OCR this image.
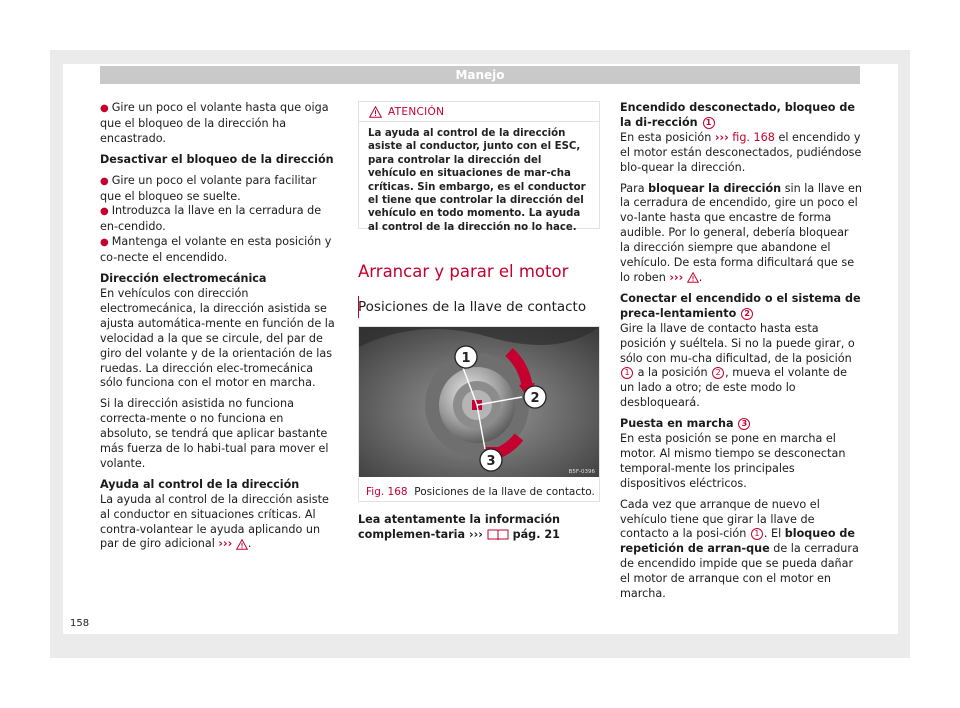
Manejo

● Gire un poco el volante hasta que oiga que el bloqueo de la dirección ha encastrado.

Desactivar el bloqueo de la dirección

● Gire un poco el volante para facilitar que el bloqueo se suelte.

● Introduzca la llave en la cerradura de en-cendido.

● Mantenga el volante en esta posición y co-necte el encendido.

Dirección electromecánica

En vehículos con dirección electromecánica, la dirección asistida se ajusta automática-mente en función de la velocidad a la que se circule, del par de giro del volante y de la orientación de las ruedas. La dirección elec-tromecánica sólo funciona con el motor en marcha.

Si la dirección asistida no funciona correcta-mente o no funciona en absoluto, se tendrá que aplicar bastante más fuerza de lo habi-tual para mover el volante.

Ayuda al control de la dirección

La ayuda al control de la dirección asiste al conductor en situaciones críticas. Al contra-volantear le ayuda aplicando un par de giro adicional ››› .

ATENCIÓN
La ayuda al control de la dirección asiste al conductor, junto con el ESC, para controlar la dirección del vehículo en situaciones de mar-cha críticas. Sin embargo, es el conductor el tiene que controlar la dirección del vehículo en todo momento. La ayuda al control de la dirección no lo hace.
Arrancar y parar el motor
Posiciones de la llave de contacto
1
2
3
B5F-0396
Fig. 168 Posiciones de la llave de contacto.
Lea atentamente la información complemen-taria ›››	pág. 21

Encendido desconectado, bloqueo de la di-rección 1

En esta posición ››› fig. 168 el encendido y el motor están desconectados, pudiéndose blo-quear la dirección.

Para bloquear la dirección sin la llave en la cerradura de encendido, gire un poco el vo-lante hasta que encastre de forma audible. Por lo general, debería bloquear la dirección siempre que abandone el vehículo. De esta forma dificultará que se lo roben ››› .

Conectar el encendido o el sistema de preca-lentamiento 2

Gire la llave de contacto hasta esta posición y suéltela. Si no la puede girar, o sólo con mu-cha dificultad, de la posición 1 a la posición 2 , mueva el volante de un lado a otro; de este modo lo desbloqueará.

Puesta en marcha 3

En esta posición se pone en marcha el motor. Al mismo tiempo se desconectan temporal-mente los principales dispositivos eléctricos.

Cada vez que arranque de nuevo el vehículo tiene que girar la llave de contacto a la posi-ción 1 . El bloqueo de repetición de arran-que de la cerradura de encendido impide que se pueda dañar el motor de arranque con el motor en marcha.

158
